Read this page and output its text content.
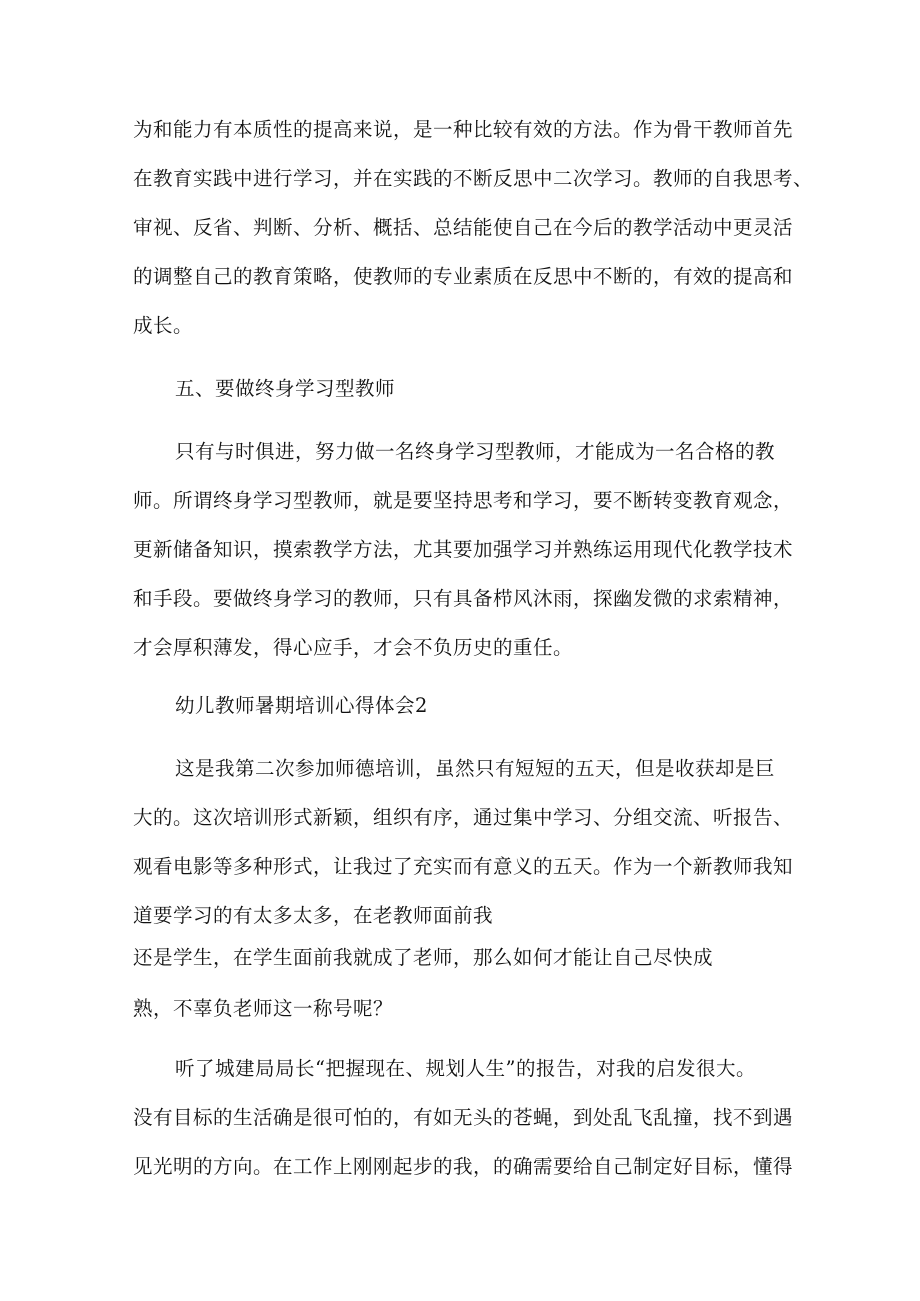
为和能力有本质性的提高来说，是一种比较有效的方法。作为骨干教师首先
在教育实践中进行学习，并在实践的不断反思中二次学习。教师的自我思考、
审视、反省、判断、分析、概括、总结能使自己在今后的教学活动中更灵活
的调整自己的教育策略，使教师的专业素质在反思中不断的，有效的提高和
成长。
五、要做终身学习型教师
只有与时俱进，努力做一名终身学习型教师，才能成为一名合格的教
师。所谓终身学习型教师，就是要坚持思考和学习，要不断转变教育观念，
更新储备知识，摸索教学方法，尤其要加强学习并熟练运用现代化教学技术
和手段。要做终身学习的教师，只有具备栉风沐雨，探幽发微的求索精神，
才会厚积薄发，得心应手，才会不负历史的重任。
幼儿教师暑期培训心得体会2
这是我第二次参加师德培训，虽然只有短短的五天，但是收获却是巨
大的。这次培训形式新颖，组织有序，通过集中学习、分组交流、听报告、
观看电影等多种形式，让我过了充实而有意义的五天。作为一个新教师我知
道要学习的有太多太多，在老教师面前我
还是学生，在学生面前我就成了老师，那么如何才能让自己尽快成
熟，不辜负老师这一称号呢？
听了城建局局长“把握现在、规划人生”的报告，对我的启发很大。
没有目标的生活确是很可怕的，有如无头的苍蝇，到处乱飞乱撞，找不到遇
见光明的方向。在工作上刚刚起步的我，的确需要给自己制定好目标，懂得
